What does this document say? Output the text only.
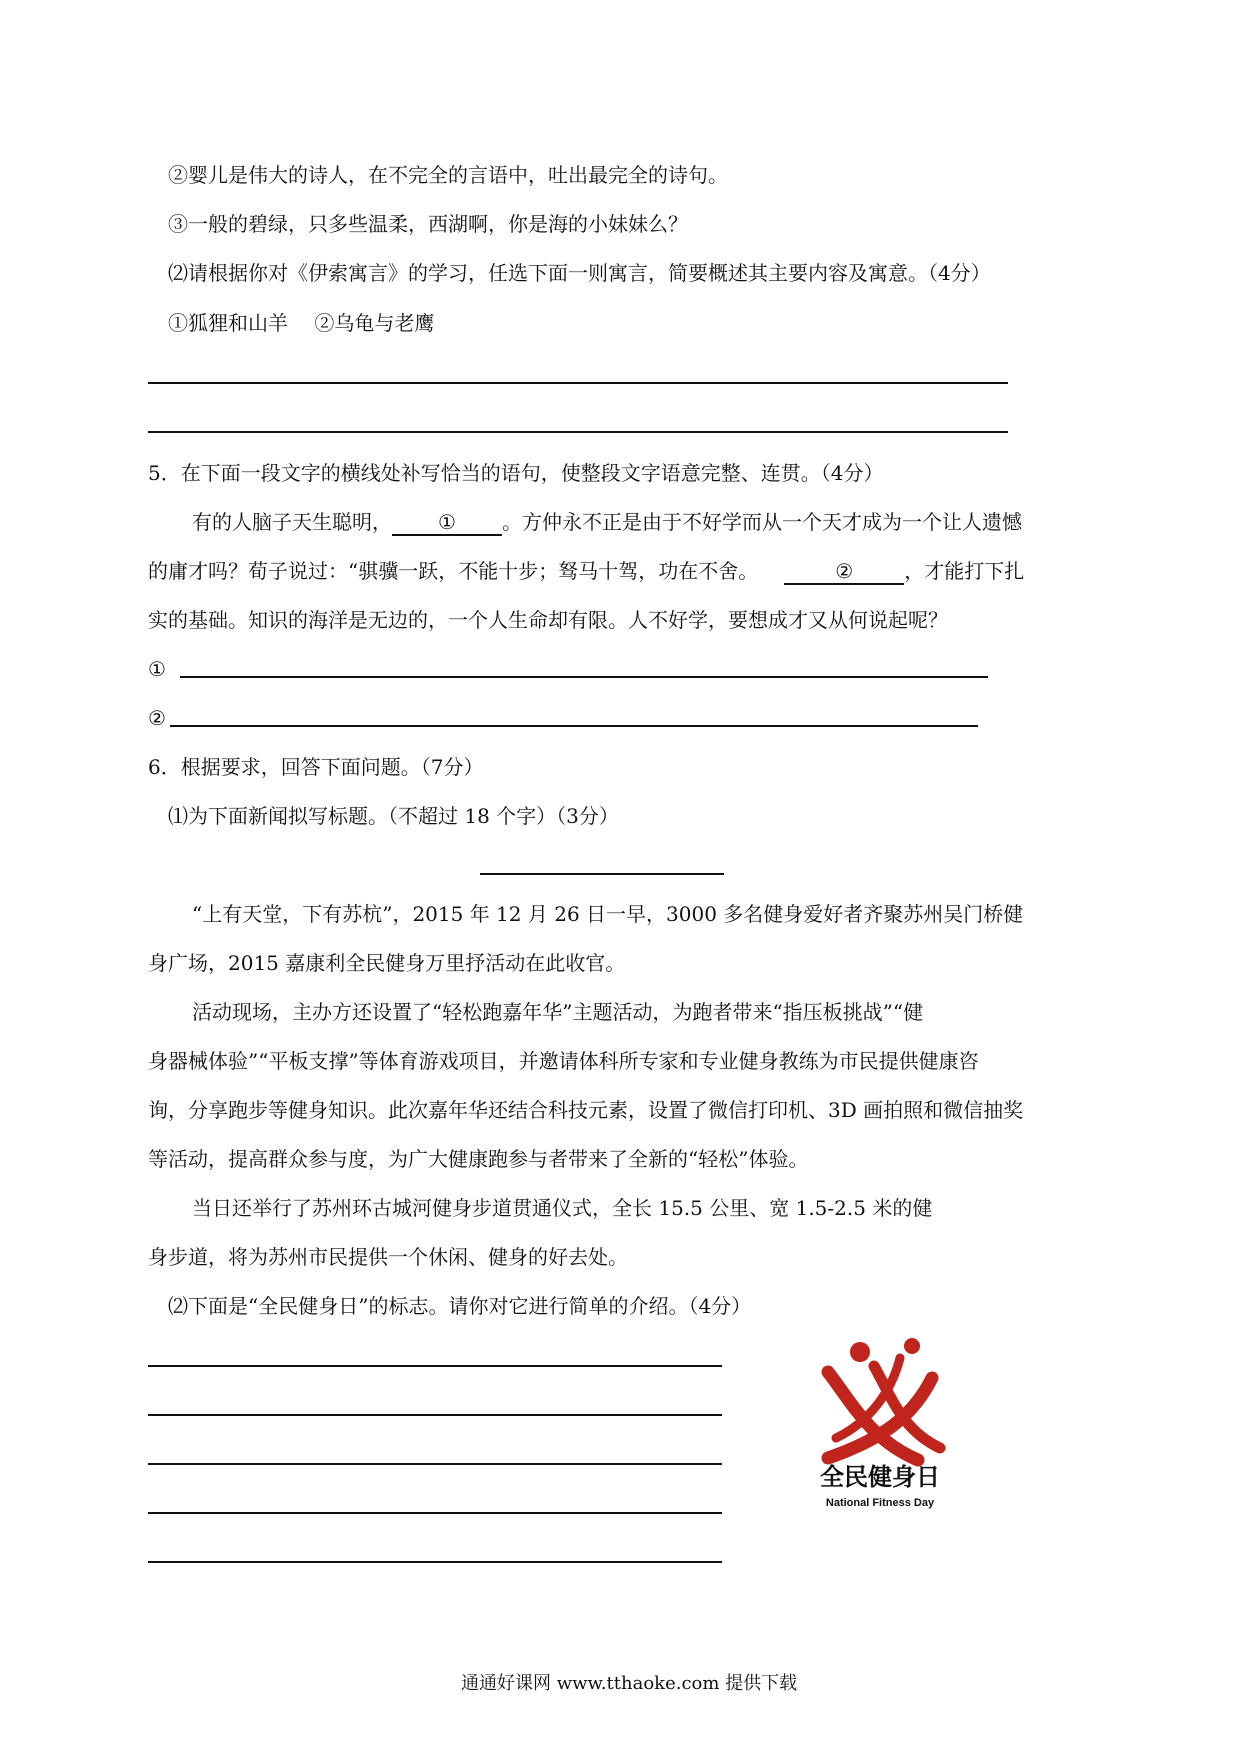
②婴儿是伟大的诗人，在不完全的言语中，吐出最完全的诗句。
③一般的碧绿，只多些温柔，西湖啊，你是海的小妹妹么？
⑵请根据你对《伊索寓言》的学习，任选下面一则寓言，简要概述其主要内容及寓意。（4分）
①狐狸和山羊　 ②乌龟与老鹰
5．在下面一段文字的横线处补写恰当的语句，使整段文字语意完整、连贯。（4分）
有的人脑子天生聪明， ① 。方仲永不正是由于不好学而从一个天才成为一个让人遗憾
的庸才吗？荀子说过：“骐骥一跃，不能十步；驽马十驾，功在不舍。	②	，才能打下扎
实的基础。知识的海洋是无边的，一个人生命却有限。人不好学，要想成才又从何说起呢？
①
②
6．根据要求，回答下面问题。（7分）
⑴为下面新闻拟写标题。（不超过 18 个字）（3分）
“上有天堂，下有苏杭”，2015 年 12 月 26 日一早，3000 多名健身爱好者齐聚苏州吴门桥健
身广场，2015 嘉康利全民健身万里抒活动在此收官。
活动现场，主办方还设置了“轻松跑嘉年华”主题活动，为跑者带来“指压板挑战”“健
身器械体验”“平板支撑”等体育游戏项目，并邀请体科所专家和专业健身教练为市民提供健康咨
询，分享跑步等健身知识。此次嘉年华还结合科技元素，设置了微信打印机、3D 画拍照和微信抽奖
等活动，提高群众参与度，为广大健康跑参与者带来了全新的“轻松”体验。
当日还举行了苏州环古城河健身步道贯通仪式，全长 15.5 公里、宽 1.5-2.5 米的健
身步道，将为苏州市民提供一个休闲、健身的好去处。
⑵下面是“全民健身日”的标志。请你对它进行简单的介绍。（4分）
全民健身日
National Fitness Day
通通好课网 www.tthaoke.com 提供下载
